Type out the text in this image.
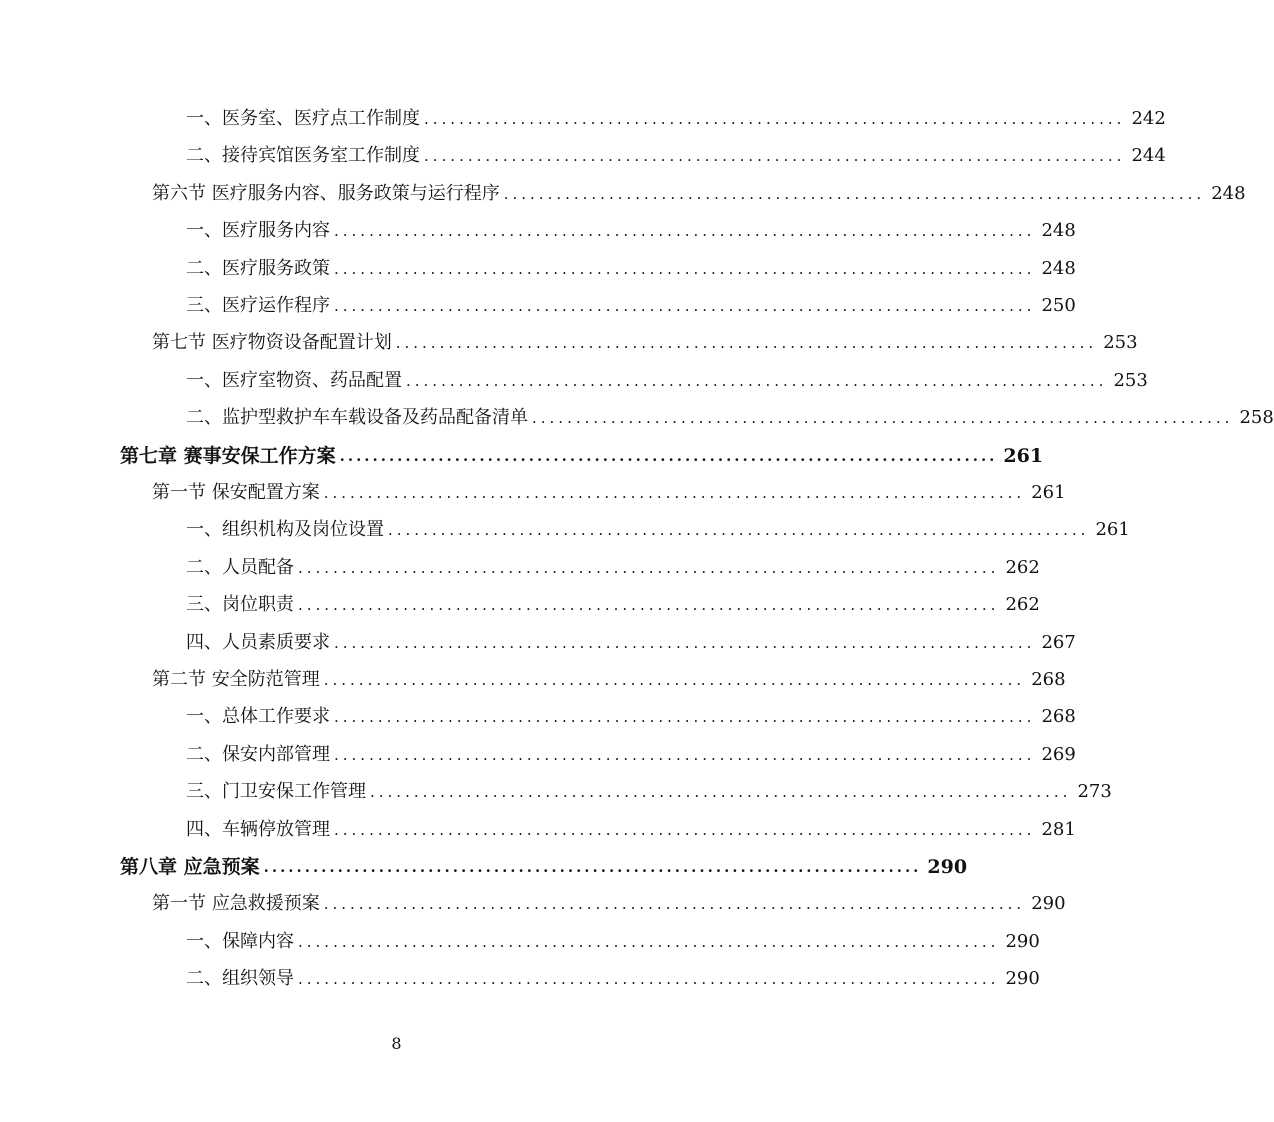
一、医务室、医疗点工作制度 ................................................................................ 242
二、接待宾馆医务室工作制度 ................................................................................ 244
第六节 医疗服务内容、服务政策与运行程序 ................................................................................ 248
一、医疗服务内容 ................................................................................ 248
二、医疗服务政策 ................................................................................ 248
三、医疗运作程序 ................................................................................ 250
第七节 医疗物资设备配置计划 ................................................................................ 253
一、医疗室物资、药品配置 ................................................................................ 253
二、监护型救护车车载设备及药品配备清单 ................................................................................ 258
第七章 赛事安保工作方案 ................................................................................ 261
第一节 保安配置方案 ................................................................................ 261
一、组织机构及岗位设置 ................................................................................ 261
二、人员配备 ................................................................................ 262
三、岗位职责 ................................................................................ 262
四、人员素质要求 ................................................................................ 267
第二节 安全防范管理 ................................................................................ 268
一、总体工作要求 ................................................................................ 268
二、保安内部管理 ................................................................................ 269
三、门卫安保工作管理 ................................................................................ 273
四、车辆停放管理 ................................................................................ 281
第八章 应急预案 ................................................................................ 290
第一节 应急救援预案 ................................................................................ 290
一、保障内容 ................................................................................ 290
二、组织领导 ................................................................................ 290
8
